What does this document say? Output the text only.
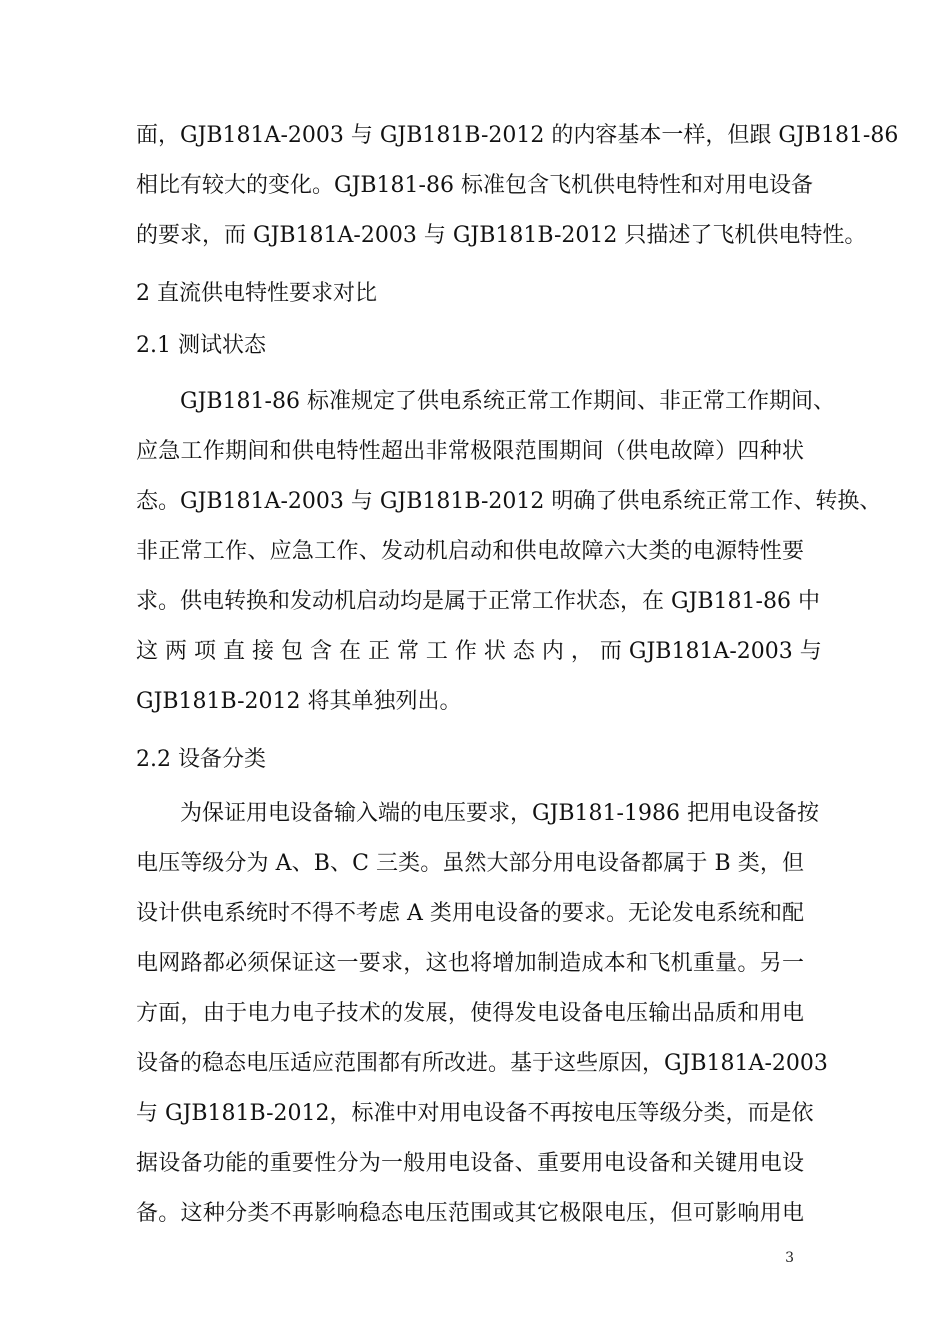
面，GJB181A-2003 与 GJB181B-2012 的内容基本一样，但跟 GJB181-86
相比有较大的变化。GJB181-86 标准包含飞机供电特性和对用电设备
的要求，而 GJB181A-2003 与 GJB181B-2012 只描述了飞机供电特性。
2 直流供电特性要求对比
2.1 测试状态
GJB181-86 标准规定了供电系统正常工作期间、非正常工作期间、
应急工作期间和供电特性超出非常极限范围期间（供电故障）四种状
态。GJB181A-2003 与 GJB181B-2012 明确了供电系统正常工作、转换、
非正常工作、应急工作、发动机启动和供电故障六大类的电源特性要
求。供电转换和发动机启动均是属于正常工作状态，在 GJB181-86 中
这 两 项 直 接 包 含 在 正 常 工 作 状 态 内 ， 而 GJB181A-2003 与
GJB181B-2012 将其单独列出。
2.2 设备分类
为保证用电设备输入端的电压要求，GJB181-1986 把用电设备按
电压等级分为 A、B、C 三类。虽然大部分用电设备都属于 B 类，但
设计供电系统时不得不考虑 A 类用电设备的要求。无论发电系统和配
电网路都必须保证这一要求，这也将增加制造成本和飞机重量。另一
方面，由于电力电子技术的发展，使得发电设备电压输出品质和用电
设备的稳态电压适应范围都有所改进。基于这些原因，GJB181A-2003
与 GJB181B-2012，标准中对用电设备不再按电压等级分类，而是依
据设备功能的重要性分为一般用电设备、重要用电设备和关键用电设
备。这种分类不再影响稳态电压范围或其它极限电压，但可影响用电
3
